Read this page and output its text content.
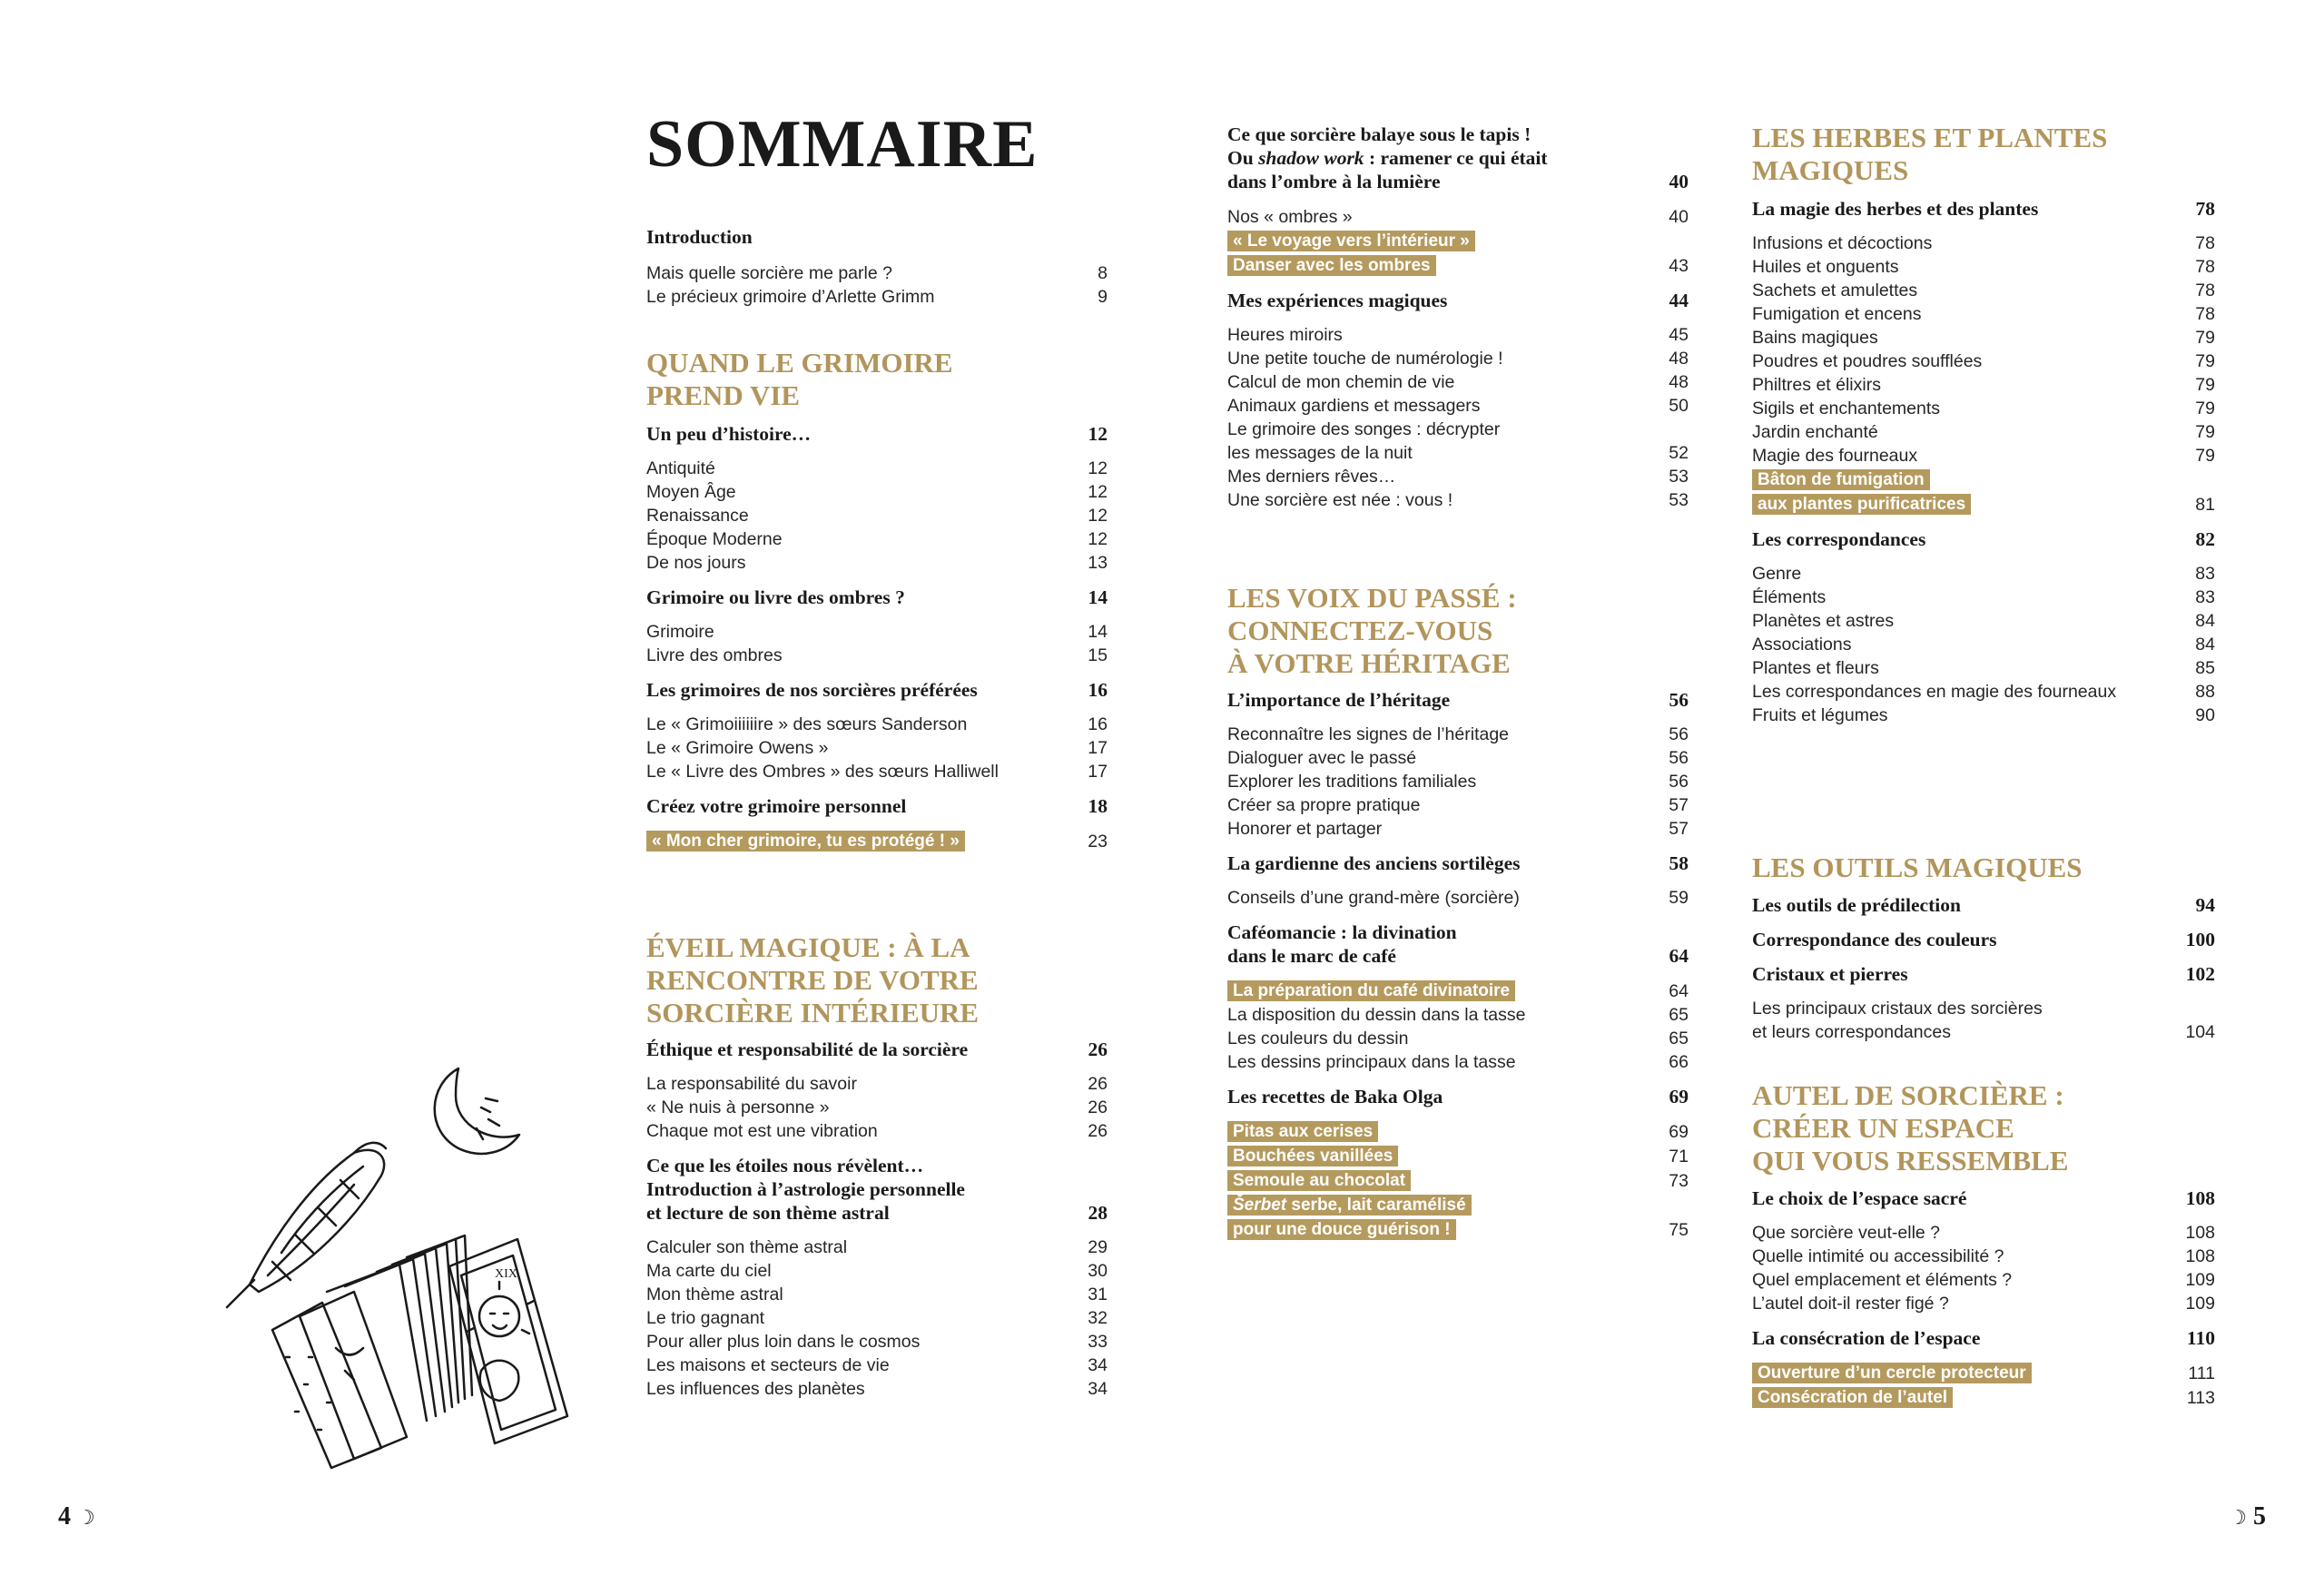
SOMMAIRE
Introduction
Mais quelle sorcière me parle ?	8
Le précieux grimoire d’Arlette Grimm	9
QUAND LE GRIMOIRE
PREND VIE
Un peu d’histoire…	12
Antiquité	12
Moyen Âge	12
Renaissance	12
Époque Moderne	12
De nos jours	13
Grimoire ou livre des ombres ?	14
Grimoire	14
Livre des ombres	15
Les grimoires de nos sorcières préférées	16
Le « Grimoiiiiiire » des sœurs Sanderson	16
Le « Grimoire Owens »	17
Le « Livre des Ombres » des sœurs Halliwell	17
Créez votre grimoire personnel	18
« Mon cher grimoire, tu es protégé ! »	23
ÉVEIL MAGIQUE : À LA
RENCONTRE DE VOTRE
SORCIÈRE INTÉRIEURE
Éthique et responsabilité de la sorcière	26
La responsabilité du savoir	26
« Ne nuis à personne »	26
Chaque mot est une vibration	26
Ce que les étoiles nous révèlent…
Introduction à l’astrologie personnelle
et lecture de son thème astral	28
Calculer son thème astral	29
Ma carte du ciel	30
Mon thème astral	31
Le trio gagnant	32
Pour aller plus loin dans le cosmos	33
Les maisons et secteurs de vie	34
Les influences des planètes	34
Ce que sorcière balaye sous le tapis !
Ou shadow work : ramener ce qui était
dans l’ombre à la lumière	40
Nos « ombres »	40
« Le voyage vers l’intérieur »
Danser avec les ombres	43
Mes expériences magiques	44
Heures miroirs	45
Une petite touche de numérologie !	48
Calcul de mon chemin de vie	48
Animaux gardiens et messagers	50
Le grimoire des songes : décrypter
les messages de la nuit	52
Mes derniers rêves…	53
Une sorcière est née : vous !	53
LES VOIX DU PASSÉ :
CONNECTEZ-VOUS
À VOTRE HÉRITAGE
L’importance de l’héritage	56
Reconnaître les signes de l’héritage	56
Dialoguer avec le passé	56
Explorer les traditions familiales	56
Créer sa propre pratique	57
Honorer et partager	57
La gardienne des anciens sortilèges	58
Conseils d’une grand-mère (sorcière)	59
Caféomancie : la divination
dans le marc de café	64
La préparation du café divinatoire	64
La disposition du dessin dans la tasse	65
Les couleurs du dessin	65
Les dessins principaux dans la tasse	66
Les recettes de Baka Olga	69
Pitas aux cerises	69
Bouchées vanillées	71
Semoule au chocolat	73
Šerbet serbe, lait caramélisé
pour une douce guérison !	75
LES HERBES ET PLANTES
MAGIQUES
La magie des herbes et des plantes	78
Infusions et décoctions	78
Huiles et onguents	78
Sachets et amulettes	78
Fumigation et encens	78
Bains magiques	79
Poudres et poudres soufflées	79
Philtres et élixirs	79
Sigils et enchantements	79
Jardin enchanté	79
Magie des fourneaux	79
Bâton de fumigation
aux plantes purificatrices	81
Les correspondances	82
Genre	83
Éléments	83
Planètes et astres	84
Associations	84
Plantes et fleurs	85
Les correspondances en magie des fourneaux	88
Fruits et légumes	90
LES OUTILS MAGIQUES
Les outils de prédilection	94
Correspondance des couleurs	100
Cristaux et pierres	102
Les principaux cristaux des sorcières
et leurs correspondances	104
AUTEL DE SORCIÈRE :
CRÉER UN ESPACE
QUI VOUS RESSEMBLE
Le choix de l’espace sacré	108
Que sorcière veut-elle ?	108
Quelle intimité ou accessibilité ?	108
Quel emplacement et éléments ?	109
L’autel doit-il rester figé ?	109
La consécration de l’espace	110
Ouverture d’un cercle protecteur	111
Consécration de l’autel	113
XIX
4 ☽	☽ 5
